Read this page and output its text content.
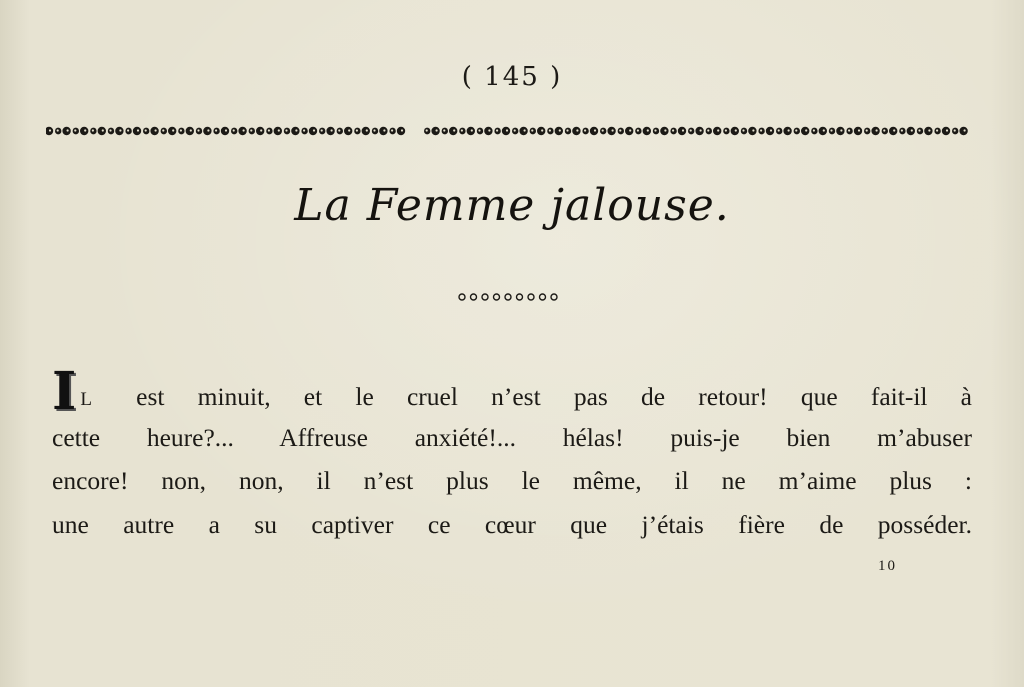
( 145 )
La Femme jalouse.
I L est minuit, et le cruel n’est pas de retour! que fait-il à
cette heure?... Affreuse anxiété!... hélas! puis-je bien m’abuser
encore! non, non, il n’est plus le même, il ne m’aime plus :
une autre a su captiver ce cœur que j’étais fière de posséder.
10
